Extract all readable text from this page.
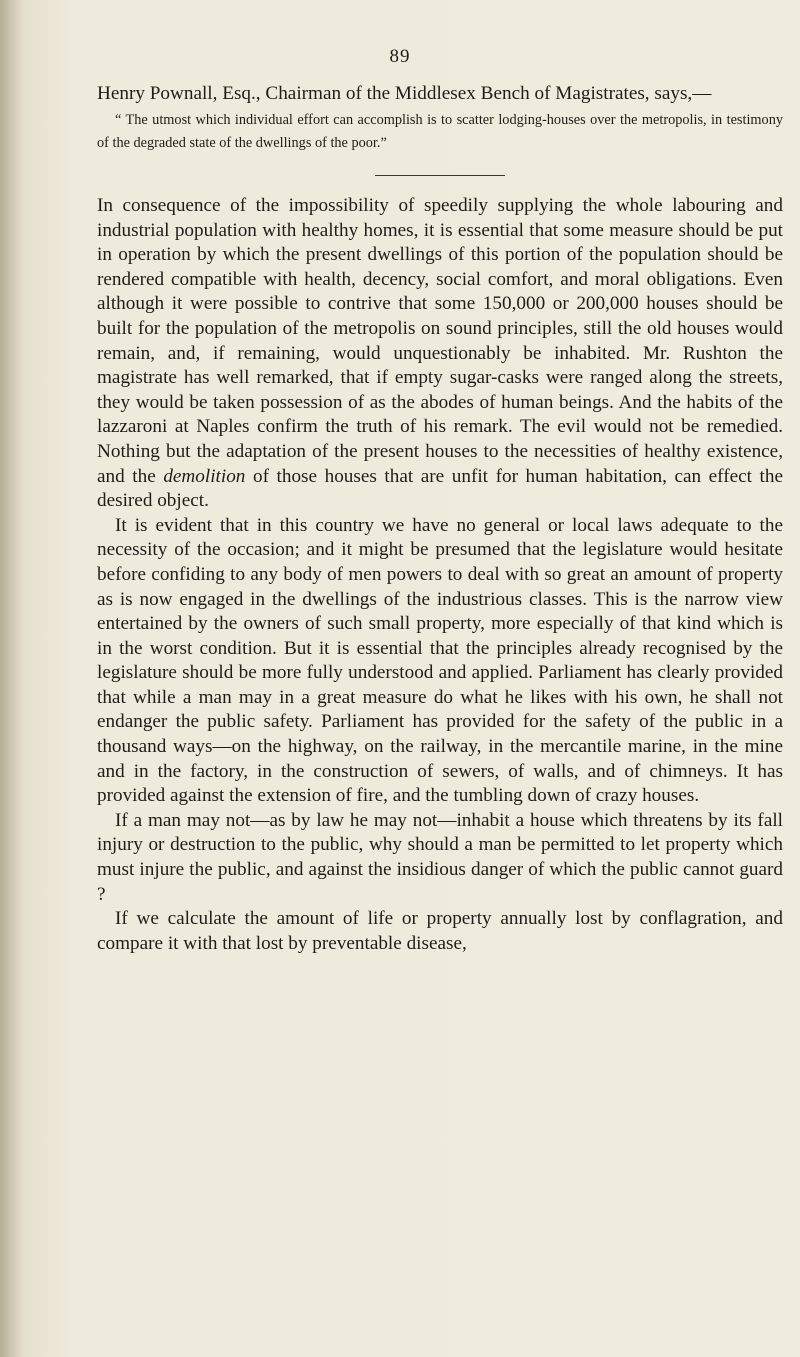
89

Henry Pownall, Esq., Chairman of the Middlesex Bench of Magistrates, says,—

“ The utmost which individual effort can accomplish is to scatter lodging-houses over the metropolis, in testimony of the degraded state of the dwellings of the poor.”

In consequence of the impossibility of speedily supplying the whole labouring and industrial population with healthy homes, it is essential that some measure should be put in operation by which the present dwellings of this portion of the population should be rendered compatible with health, decency, social comfort, and moral obligations. Even although it were possible to contrive that some 150,000 or 200,000 houses should be built for the population of the metropolis on sound principles, still the old houses would remain, and, if remaining, would unquestionably be inhabited. Mr. Rushton the magistrate has well remarked, that if empty sugar-casks were ranged along the streets, they would be taken possession of as the abodes of human beings. And the habits of the lazzaroni at Naples confirm the truth of his remark. The evil would not be remedied. Nothing but the adaptation of the present houses to the necessities of healthy existence, and the demolition of those houses that are unfit for human habitation, can effect the desired object.

It is evident that in this country we have no general or local laws adequate to the necessity of the occasion; and it might be presumed that the legislature would hesitate before confiding to any body of men powers to deal with so great an amount of property as is now engaged in the dwellings of the industrious classes. This is the narrow view entertained by the owners of such small property, more especially of that kind which is in the worst condition. But it is essential that the principles already recognised by the legislature should be more fully understood and applied. Parliament has clearly provided that while a man may in a great measure do what he likes with his own, he shall not endanger the public safety. Parliament has provided for the safety of the public in a thousand ways—on the highway, on the railway, in the mercantile marine, in the mine and in the factory, in the construction of sewers, of walls, and of chimneys. It has provided against the extension of fire, and the tumbling down of crazy houses.

If a man may not—as by law he may not—inhabit a house which threatens by its fall injury or destruction to the public, why should a man be permitted to let property which must injure the public, and against the insidious danger of which the public cannot guard ?

If we calculate the amount of life or property annually lost by conflagration, and compare it with that lost by preventable disease,
